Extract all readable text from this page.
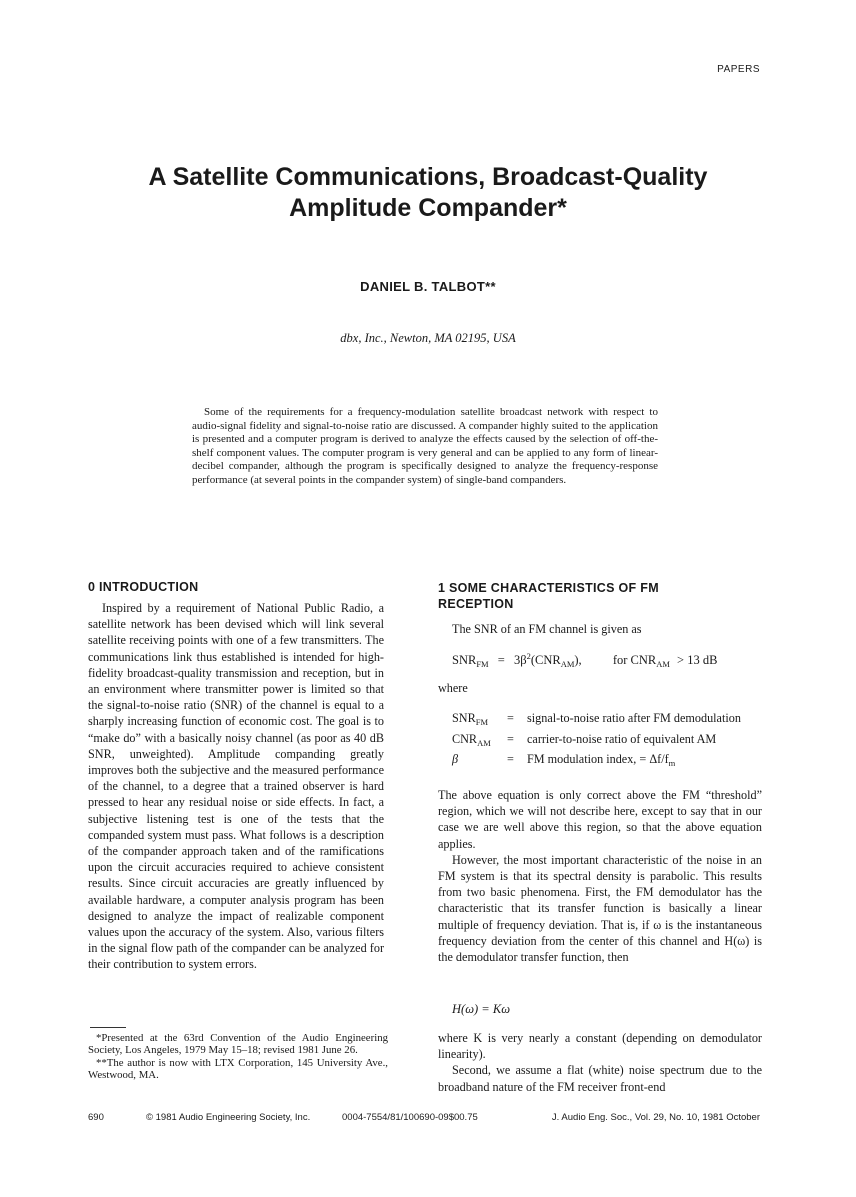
PAPERS
A Satellite Communications, Broadcast-Quality
Amplitude Compander*
DANIEL B. TALBOT**
dbx, Inc., Newton, MA 02195, USA

Some of the requirements for a frequency-modulation satellite broadcast network with respect to audio-signal fidelity and signal-to-noise ratio are discussed. A compander highly suited to the application is presented and a computer program is derived to analyze the effects caused by the selection of off-the-shelf component values. The computer program is very general and can be applied to any form of linear-decibel compander, although the program is specifically designed to analyze the frequency-response performance (at several points in the compander system) of single-band companders.

0 INTRODUCTION

Inspired by a requirement of National Public Radio, a satellite network has been devised which will link several satellite receiving points with one of a few transmitters. The communications link thus established is intended for high-fidelity broadcast-quality transmission and reception, but in an environment where transmitter power is limited so that the signal-to-noise ratio (SNR) of the channel is equal to a sharply increasing function of economic cost. The goal is to “make do” with a basically noisy channel (as poor as 40 dB SNR, unweighted). Amplitude companding greatly improves both the subjective and the measured performance of the channel, to a degree that a trained observer is hard pressed to hear any residual noise or side effects. In fact, a subjective listening test is one of the tests that the companded system must pass. What follows is a description of the compander approach taken and of the ramifications upon the circuit accuracies required to achieve consistent results. Since circuit accuracies are greatly influenced by available hardware, a computer analysis program has been designed to analyze the impact of realizable component values upon the accuracy of the system. Also, various filters in the signal flow path of the compander can be analyzed for their contribution to system errors.

*Presented at the 63rd Convention of the Audio Engineering Society, Los Angeles, 1979 May 15–18; revised 1981 June 26.

**The author is now with LTX Corporation, 145 University Ave., Westwood, MA.

1 SOME CHARACTERISTICS OF FM RECEPTION

The SNR of an FM channel is given as

$SNR_{FM} = 3\beta^2(CNR_{AM})$, for $CNR_{AM} > 13$ dB
where
$SNR_{FM}$	=	signal-to-noise ratio after FM demodulation
$CNR_{AM}$	=	carrier-to-noise ratio of equivalent AM
β	=	FM modulation index, = $\Delta f/f_m$

The above equation is only correct above the FM “threshold” region, which we will not describe here, except to say that in our case we are well above this region, so that the above equation applies.

However, the most important characteristic of the noise in an FM system is that its spectral density is parabolic. This results from two basic phenomena. First, the FM demodulator has the characteristic that its transfer function is basically a linear multiple of frequency deviation. That is, if ω is the instantaneous frequency deviation from the center of this channel and H(ω) is the demodulator transfer function, then

H(ω) = Kω

where K is very nearly a constant (depending on demodulator linearity).

Second, we assume a flat (white) noise spectrum due to the broadband nature of the FM receiver front-end

690	© 1981 Audio Engineering Society, Inc.	0004-7554/81/100690-09$00.75	J. Audio Eng. Soc., Vol. 29, No. 10, 1981 October
